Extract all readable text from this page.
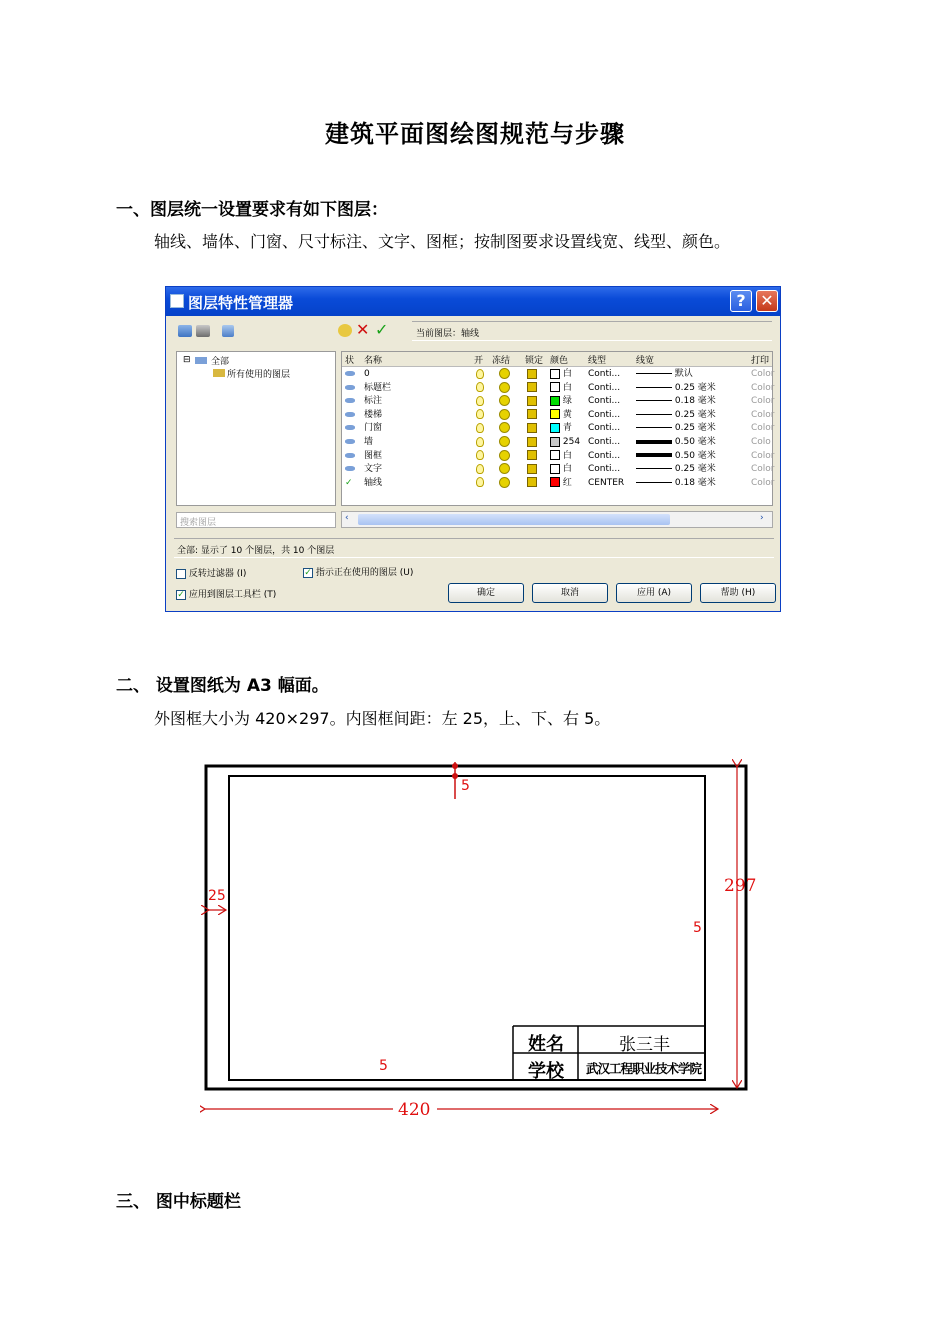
建筑平面图绘图规范与步骤
一、图层统一设置要求有如下图层：
轴线、墙体、门窗、尺寸标注、文字、图框；按制图要求设置线宽、线型、颜色。
图层特性管理器	? ✕
✕ ✓	当前图层：轴线
⊟ 全部
所有使用的图层
搜索图层
状 名称	开 冻结 锁定 颜色 线型	线宽	打印
0	白 Conti...	默认	Color
标题栏	白 Conti...	0.25 毫米	Color
标注	绿 Conti...	0.18 毫米	Color
楼梯	黄 Conti...	0.25 毫米	Color
门窗	青 Conti...	0.25 毫米	Color
墙	254 Conti...	0.50 毫米	Colo
图框	白 Conti...	0.50 毫米	Color
文字	白 Conti...	0.25 毫米	Color
✓ 轴线	红 CENTER	0.18 毫米	Color
‹	›
全部: 显示了 10 个图层，共 10 个图层
反转过滤器 (I)
✓ 应用到图层工具栏 (T)
✓ 指示正在使用的图层 (U)
确定	取消	应用 (A)	帮助 (H)
二、 设置图纸为 A3 幅面。
外图框大小为 420×297。内图框间距：左 25，上、下、右 5。
5
25
5
5
297
420
姓名	张三丰
学校 武汉工程职业技术学院
三、 图中标题栏
